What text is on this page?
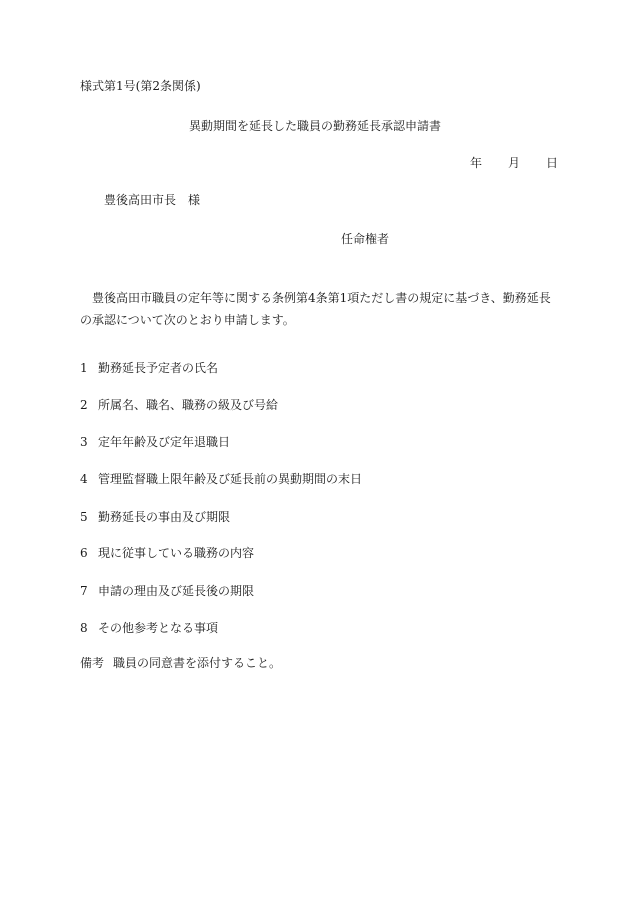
様式第1号(第2条関係)
異動期間を延長した職員の勤務延長承認申請書
年 月 日
豊後高田市長　様
任命権者
豊後高田市職員の定年等に関する条例第4条第1項ただし書の規定に基づき、勤務延長の承認について次のとおり申請します。
1 勤務延長予定者の氏名
2 所属名、職名、職務の級及び号給
3 定年年齢及び定年退職日
4 管理監督職上限年齢及び延長前の異動期間の末日
5 勤務延長の事由及び期限
6 現に従事している職務の内容
7 申請の理由及び延長後の期限
8 その他参考となる事項
備考 職員の同意書を添付すること。
